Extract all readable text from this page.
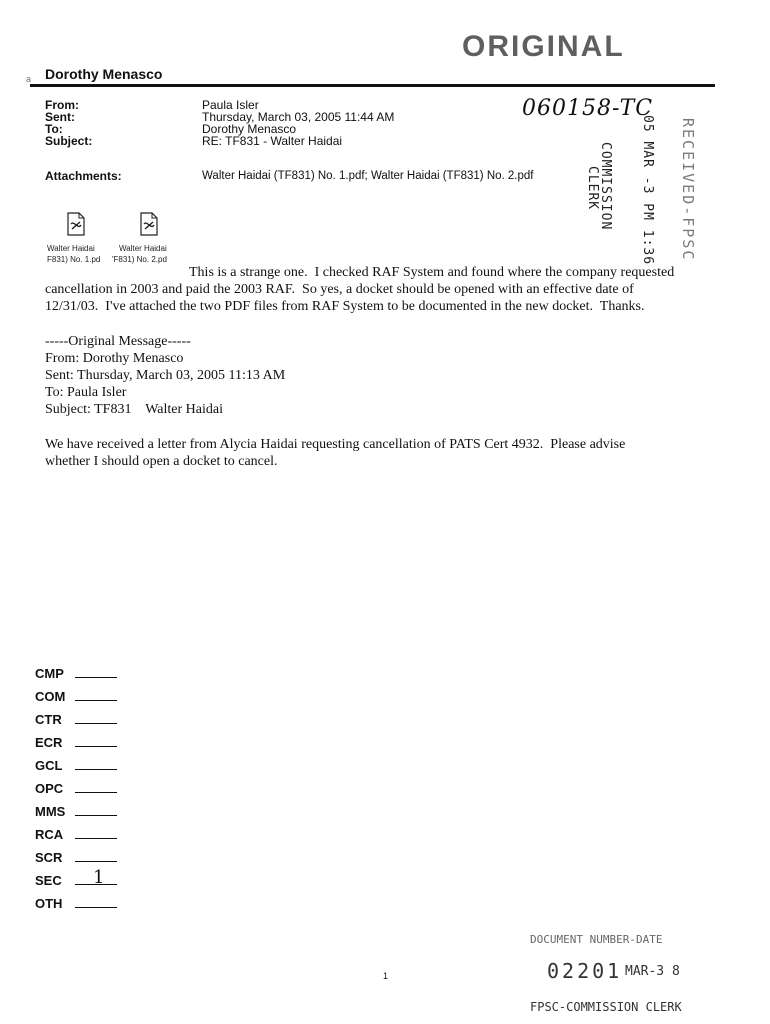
ORIGINAL
a Dorothy Menasco
From:	Paula Isler
Sent:	Thursday, March 03, 2005 11:44 AM
To:	Dorothy Menasco
Subject:	RE: TF831 - Walter Haidai
Attachments:	Walter Haidai (TF831) No. 1.pdf; Walter Haidai (TF831) No. 2.pdf
060158-TC
COMMISSION
CLERK	05 MAR -3 PM 1:36 RECEIVED-FPSC
Walter Haidai
F831) No. 1.pd
Walter Haidai
'F831) No. 2.pd
This is a strange one.  I checked RAF System and found where the company requested
cancellation in 2003 and paid the 2003 RAF.  So yes, a docket should be opened with an effective date of
12/31/03.  I've attached the two PDF files from RAF System to be documented in the new docket.  Thanks.
-----Original Message-----
From: Dorothy Menasco
Sent: Thursday, March 03, 2005 11:13 AM
To: Paula Isler
Subject: TF831    Walter Haidai
We have received a letter from Alycia Haidai requesting cancellation of PATS Cert 4932.  Please advise
whether I should open a docket to cancel.
CMP
COM
CTR
ECR
GCL
OPC
MMS
RCA
SCR
SEC 1
OTH
1
DOCUMENT NUMBER-DATE
02201 MAR-3 8
FPSC-COMMISSION CLERK
